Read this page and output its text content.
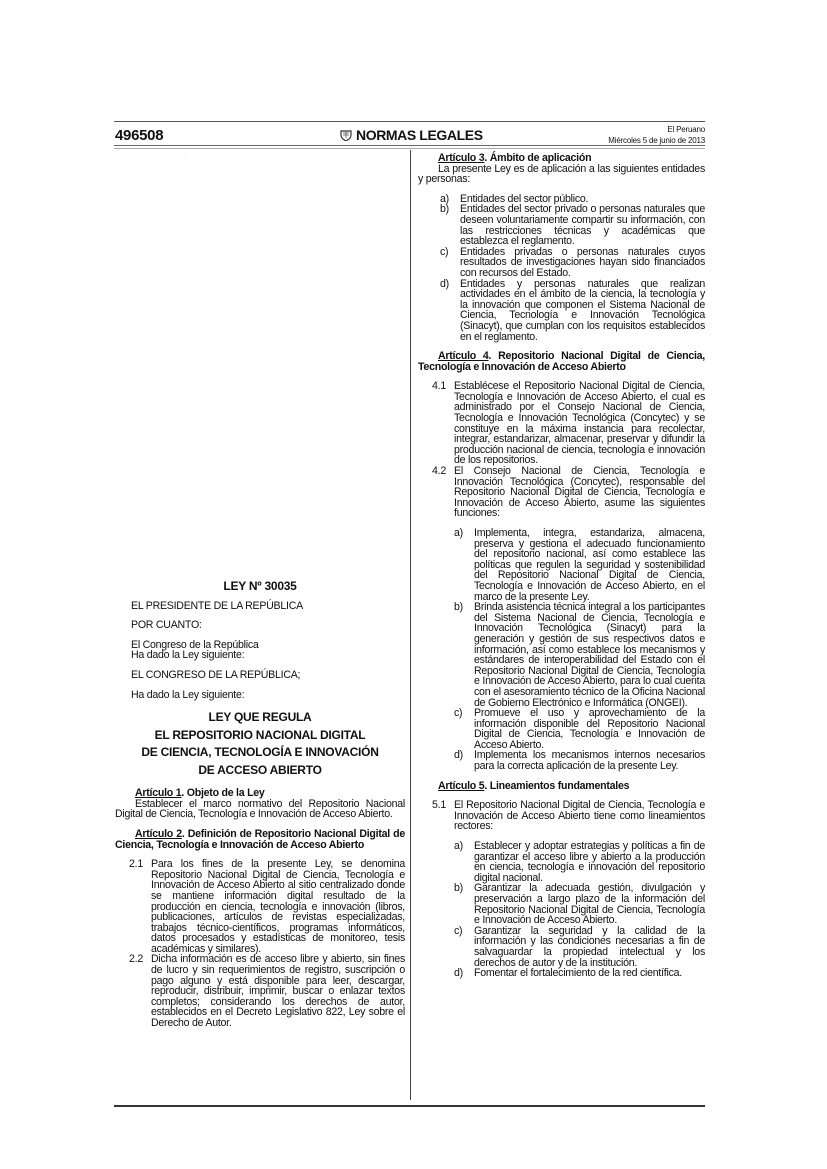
496508	NORMAS LEGALES	El Peruano
Miércoles 5 de junio de 2013
· · · · · · · ·

LEY Nº 30035

EL PRESIDENTE DE LA REPÚBLICA

POR CUANTO:

El Congreso de la República

Ha dado la Ley siguiente:

EL CONGRESO DE LA REPÚBLICA;

Ha dado la Ley siguiente:

LEY QUE REGULA
EL REPOSITORIO NACIONAL DIGITAL
DE CIENCIA, TECNOLOGÍA E INNOVACIÓN
DE ACCESO ABIERTO

Artículo 1. Objeto de la Ley

Establecer el marco normativo del Repositorio Nacional Digital de Ciencia, Tecnología e Innovación de Acceso Abierto.

Artículo 2. Definición de Repositorio Nacional Digital de Ciencia, Tecnología e Innovación de Acceso Abierto

2.1 Para los fines de la presente Ley, se denomina Repositorio Nacional Digital de Ciencia, Tecnología e Innovación de Acceso Abierto al sitio centralizado donde se mantiene información digital resultado de la producción en ciencia, tecnología e innovación (libros, publicaciones, artículos de revistas especializadas, trabajos técnico-científicos, programas informáticos, datos procesados y estadísticas de monitoreo, tesis académicas y similares).
2.2 Dicha información es de acceso libre y abierto, sin fines de lucro y sin requerimientos de registro, suscripción o pago alguno y está disponible para leer, descargar, reproducir, distribuir, imprimir, buscar o enlazar textos completos; considerando los derechos de autor, establecidos en el Decreto Legislativo 822, Ley sobre el Derecho de Autor.

Artículo 3. Ámbito de aplicación

La presente Ley es de aplicación a las siguientes entidades y personas:

a)	Entidades del sector público.
b)	Entidades del sector privado o personas naturales que deseen voluntariamente compartir su información, con las restricciones técnicas y académicas que establezca el reglamento.
c)	Entidades privadas o personas naturales cuyos resultados de investigaciones hayan sido financiados con recursos del Estado.
d)	Entidades y personas naturales que realizan actividades en el ámbito de la ciencia, la tecnología y la innovación que componen el Sistema Nacional de Ciencia, Tecnología e Innovación Tecnológica (Sinacyt), que cumplan con los requisitos establecidos en el reglamento.

Artículo 4. Repositorio Nacional Digital de Ciencia, Tecnología e Innovación de Acceso Abierto

4.1 Establécese el Repositorio Nacional Digital de Ciencia, Tecnología e Innovación de Acceso Abierto, el cual es administrado por el Consejo Nacional de Ciencia, Tecnología e Innovación Tecnológica (Concytec) y se constituye en la máxima instancia para recolectar, integrar, estandarizar, almacenar, preservar y difundir la producción nacional de ciencia, tecnología e innovación de los repositorios.
4.2 El Consejo Nacional de Ciencia, Tecnología e Innovación Tecnológica (Concytec), responsable del Repositorio Nacional Digital de Ciencia, Tecnología e Innovación de Acceso Abierto, asume las siguientes funciones:
a)	Implementa, integra, estandariza, almacena, preserva y gestiona el adecuado funcionamiento del repositorio nacional, así como establece las políticas que regulen la seguridad y sostenibilidad del Repositorio Nacional Digital de Ciencia, Tecnología e Innovación de Acceso Abierto, en el marco de la presente Ley.
b)	Brinda asistencia técnica integral a los participantes del Sistema Nacional de Ciencia, Tecnología e Innovación Tecnológica (Sinacyt) para la generación y gestión de sus respectivos datos e información, así como establece los mecanismos y estándares de interoperabilidad del Estado con el Repositorio Nacional Digital de Ciencia, Tecnología e Innovación de Acceso Abierto, para lo cual cuenta con el asesoramiento técnico de la Oficina Nacional de Gobierno Electrónico e Informática (ONGEI).
c)	Promueve el uso y aprovechamiento de la información disponible del Repositorio Nacional Digital de Ciencia, Tecnología e Innovación de Acceso Abierto.
d)	Implementa los mecanismos internos necesarios para la correcta aplicación de la presente Ley.

Artículo 5. Lineamientos fundamentales

5.1 El Repositorio Nacional Digital de Ciencia, Tecnología e Innovación de Acceso Abierto tiene como lineamientos rectores:
a)	Establecer y adoptar estrategias y políticas a fin de garantizar el acceso libre y abierto a la producción en ciencia, tecnología e innovación del repositorio digital nacional.
b)	Garantizar la adecuada gestión, divulgación y preservación a largo plazo de la información del Repositorio Nacional Digital de Ciencia, Tecnología e Innovación de Acceso Abierto.
c)	Garantizar la seguridad y la calidad de la información y las condiciones necesarias a fin de salvaguardar la propiedad intelectual y los derechos de autor y de la institución.
d)	Fomentar el fortalecimiento de la red científica.
